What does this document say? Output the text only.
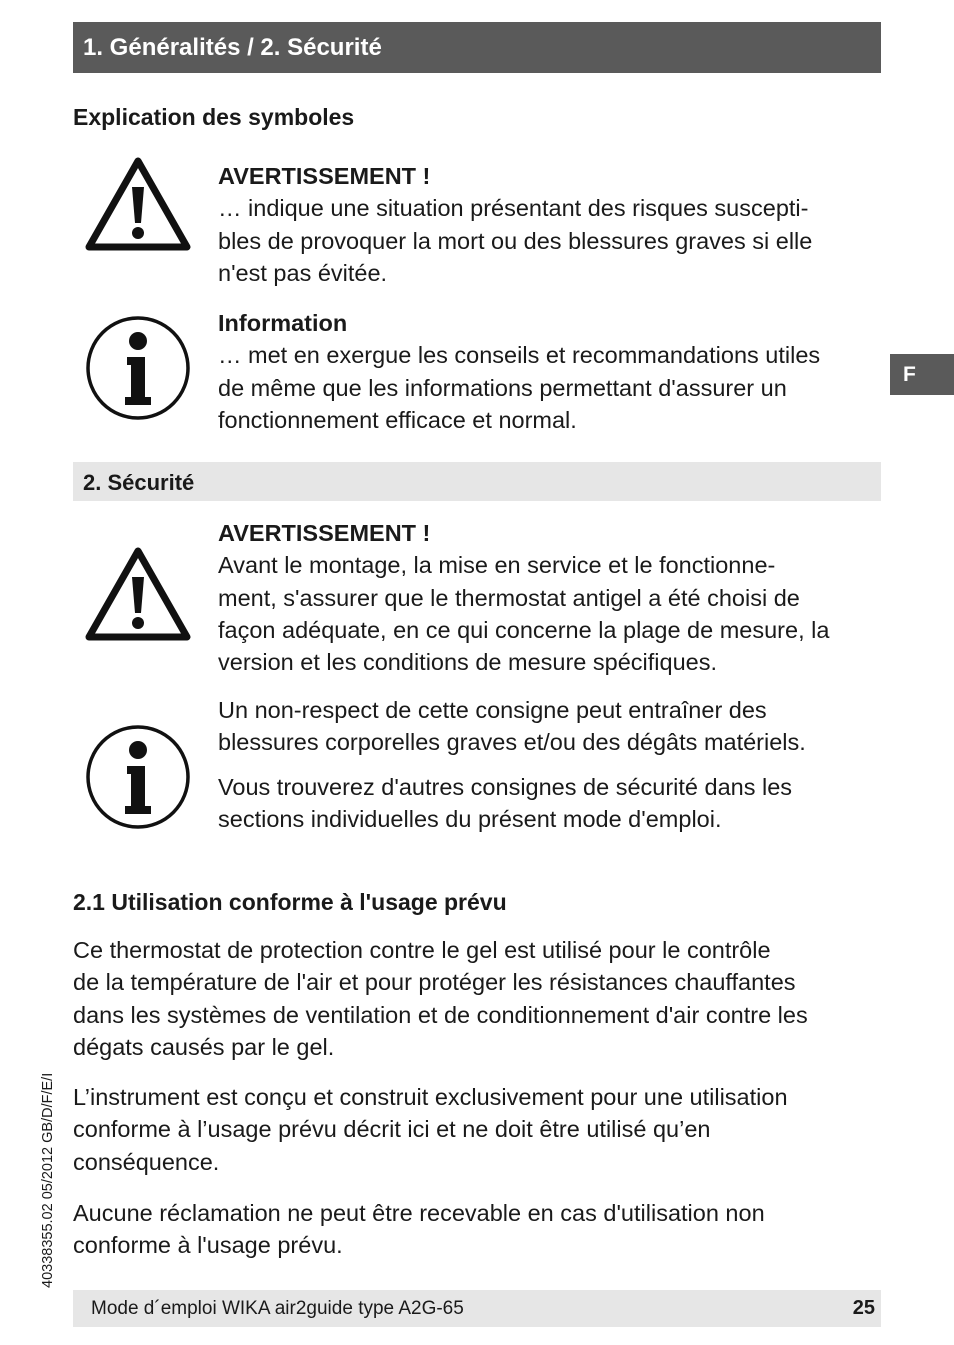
1. Généralités / 2. Sécurité
Explication des symboles
AVERTISSEMENT !
… indique une situation présentant des risques suscepti-
bles de provoquer la mort ou des blessures graves si elle
n'est pas évitée.
Information
… met en exergue les conseils et recommandations utiles
de même que les informations permettant d'assurer un
fonctionnement efficace et normal.
F
2. Sécurité
AVERTISSEMENT !
Avant le montage, la mise en service et le fonctionne-
ment, s'assurer que le thermostat antigel a été choisi de
façon adéquate, en ce qui concerne la plage de mesure, la
version et les conditions de mesure spécifiques.
Un non-respect de cette consigne peut entraîner des
blessures corporelles graves et/ou des dégâts matériels.
Vous trouverez d'autres consignes de sécurité dans les
sections individuelles du présent mode d'emploi.
2.1 Utilisation conforme à l'usage prévu
Ce thermostat de protection contre le gel est utilisé pour le contrôle
de la température de l'air et pour protéger les résistances chauffantes
dans les systèmes de ventilation et de conditionnement d'air contre les
dégats causés par le gel.
L’instrument est conçu et construit exclusivement pour une utilisation
conforme à l’usage prévu décrit ici et ne doit être utilisé qu’en
conséquence.
Aucune réclamation ne peut être recevable en cas d'utilisation non
conforme à l'usage prévu.
40338355.02 05/2012 GB/D/F/E/I
Mode d´emploi WIKA air2guide type A2G-65	25
